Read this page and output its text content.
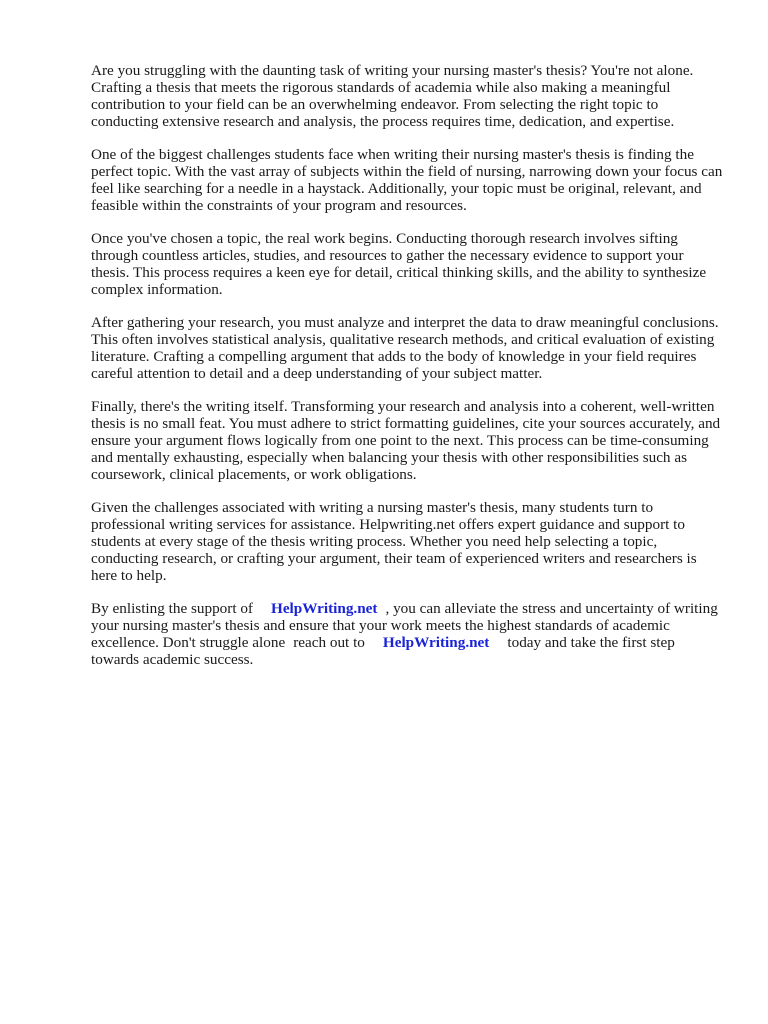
Are you struggling with the daunting task of writing your nursing master's thesis? You're not alone. Crafting a thesis that meets the rigorous standards of academia while also making a meaningful contribution to your field can be an overwhelming endeavor. From selecting the right topic to conducting extensive research and analysis, the process requires time, dedication, and expertise.

One of the biggest challenges students face when writing their nursing master's thesis is finding the perfect topic. With the vast array of subjects within the field of nursing, narrowing down your focus can feel like searching for a needle in a haystack. Additionally, your topic must be original, relevant, and feasible within the constraints of your program and resources.

Once you've chosen a topic, the real work begins. Conducting thorough research involves sifting through countless articles, studies, and resources to gather the necessary evidence to support your thesis. This process requires a keen eye for detail, critical thinking skills, and the ability to synthesize complex information.

After gathering your research, you must analyze and interpret the data to draw meaningful conclusions. This often involves statistical analysis, qualitative research methods, and critical evaluation of existing literature. Crafting a compelling argument that adds to the body of knowledge in your field requires careful attention to detail and a deep understanding of your subject matter.

Finally, there's the writing itself. Transforming your research and analysis into a coherent, well-written thesis is no small feat. You must adhere to strict formatting guidelines, cite your sources accurately, and ensure your argument flows logically from one point to the next. This process can be time-consuming and mentally exhausting, especially when balancing your thesis with other responsibilities such as coursework, clinical placements, or work obligations.

Given the challenges associated with writing a nursing master's thesis, many students turn to professional writing services for assistance. Helpwriting.net offers expert guidance and support to students at every stage of the thesis writing process. Whether you need help selecting a topic, conducting research, or crafting your argument, their team of experienced writers and researchers is here to help.

By enlisting the support of HelpWriting.net , you can alleviate the stress and uncertainty of writing your nursing master's thesis and ensure that your work meets the highest standards of academic excellence. Don't struggle alone reach out to HelpWriting.net today and take the first step towards academic success.
